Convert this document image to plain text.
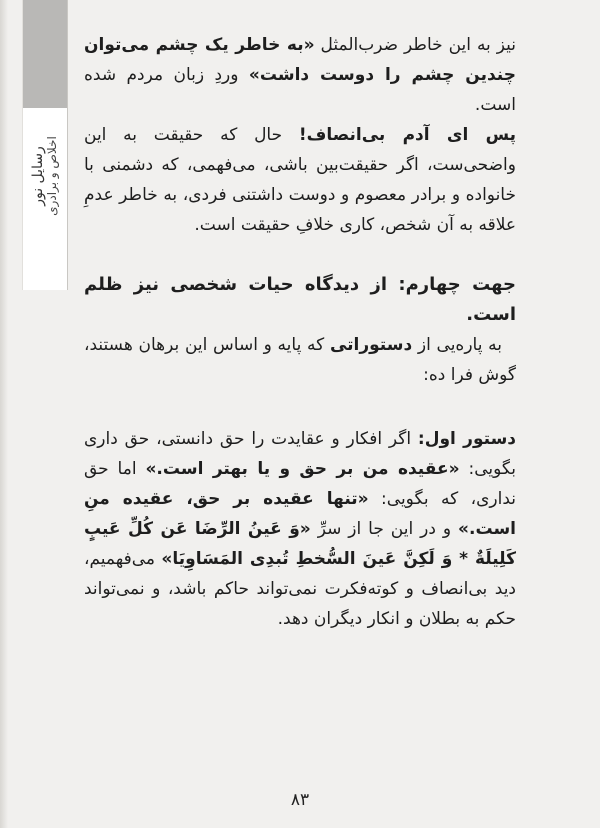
رسایل نور اخلاص و برادری

نیز به این خاطر ضرب‌المثل «به خاطر یک چشم می‌توان چندین چشم را دوست داشت» وردِ زبان مردم شده است.

پس ای آدم بی‌انصاف! حال که حقیقت به این واضحی‌ست، اگر حقیقت‌بین باشی، می‌فهمی، که دشمنی با خانواده و برادر معصوم و دوست داشتنی فردی، به خاطر عدمِ علاقه به آن شخص، کاری خلافِ حقیقت است.

جهت چهارم: از دیدگاه حیات شخصی نیز ظلم است.

به پاره‌یی از دستوراتی که پایه و اساس این برهان هستند، گوش فرا ده:

دستور اول: اگر افکار و عقایدت را حق دانستی، حق داری بگویی: «عقیده من بر حق و یا بهتر است.» اما حق نداری، که بگویی: «تنها عقیده بر حق، عقیده منِ است.» و در این جا از سرِّ «وَ عَینُ الرِّضَا عَن کُلِّ عَیبٍ کَلِیلَةٌ * وَ لَکِنَّ عَینَ السُّخطِ تُبدِی المَسَاوِیَا» می‌فهمیم، دید بی‌انصاف و کوته‌فکرت نمی‌تواند حاکم باشد، و نمی‌تواند حکم به بطلان و انکار دیگران دهد.

۸۳
